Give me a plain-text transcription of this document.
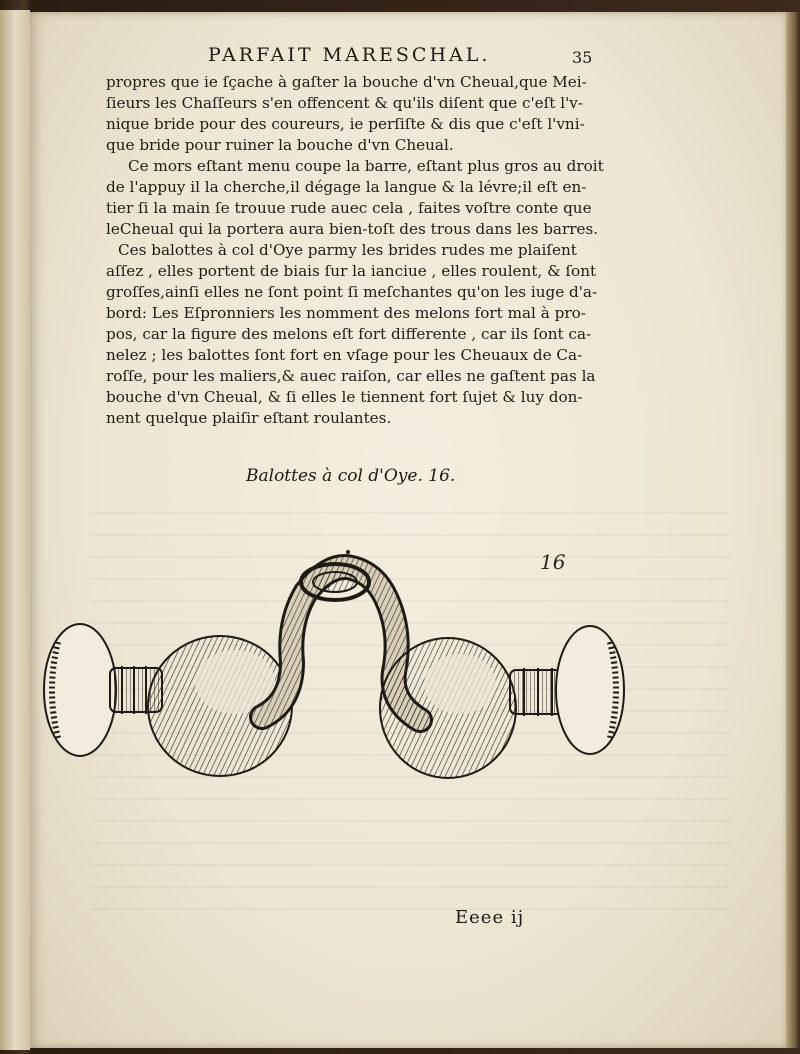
PARFAIT MARESCHAL.	35
propres que ie ſçache à gaſter la bouche d'vn Cheual,que Mei-
ſieurs les Chaſſeurs s'en offencent & qu'ils diſent que c'eſt l'v-
nique bride pour des coureurs, ie perſiſte & dis que c'eſt l'vni-
que bride pour ruiner la bouche d'vn Cheual.
Ce mors eſtant menu coupe la barre, eſtant plus gros au droit
de l'appuy il la cherche,il dégage la langue & la lévre;il eſt en-
tier ſi la main ſe trouue rude auec cela , faites voſtre conte que
leCheual qui la portera aura bien-toſt des trous dans les barres.
Ces balottes à col d'Oye parmy les brides rudes me plaiſent
aſſez , elles portent de biais ſur la ianciue , elles roulent, & ſont
groſſes,ainſi elles ne ſont point ſi meſchantes qu'on les iuge d'a-
bord: Les Eſpronniers les nomment des melons fort mal à pro-
pos, car la figure des melons eſt fort differente , car ils ſont ca-
nelez ; les balottes ſont fort en vſage pour les Cheuaux de Ca-
roſſe, pour les maliers,& auec raiſon, car elles ne gaſtent pas la
bouche d'vn Cheual, & ſi elles le tiennent fort ſujet & luy don-
nent quelque plaiſir eſtant roulantes.
Balottes à col d'Oye. 16.
16
Eeee ij
